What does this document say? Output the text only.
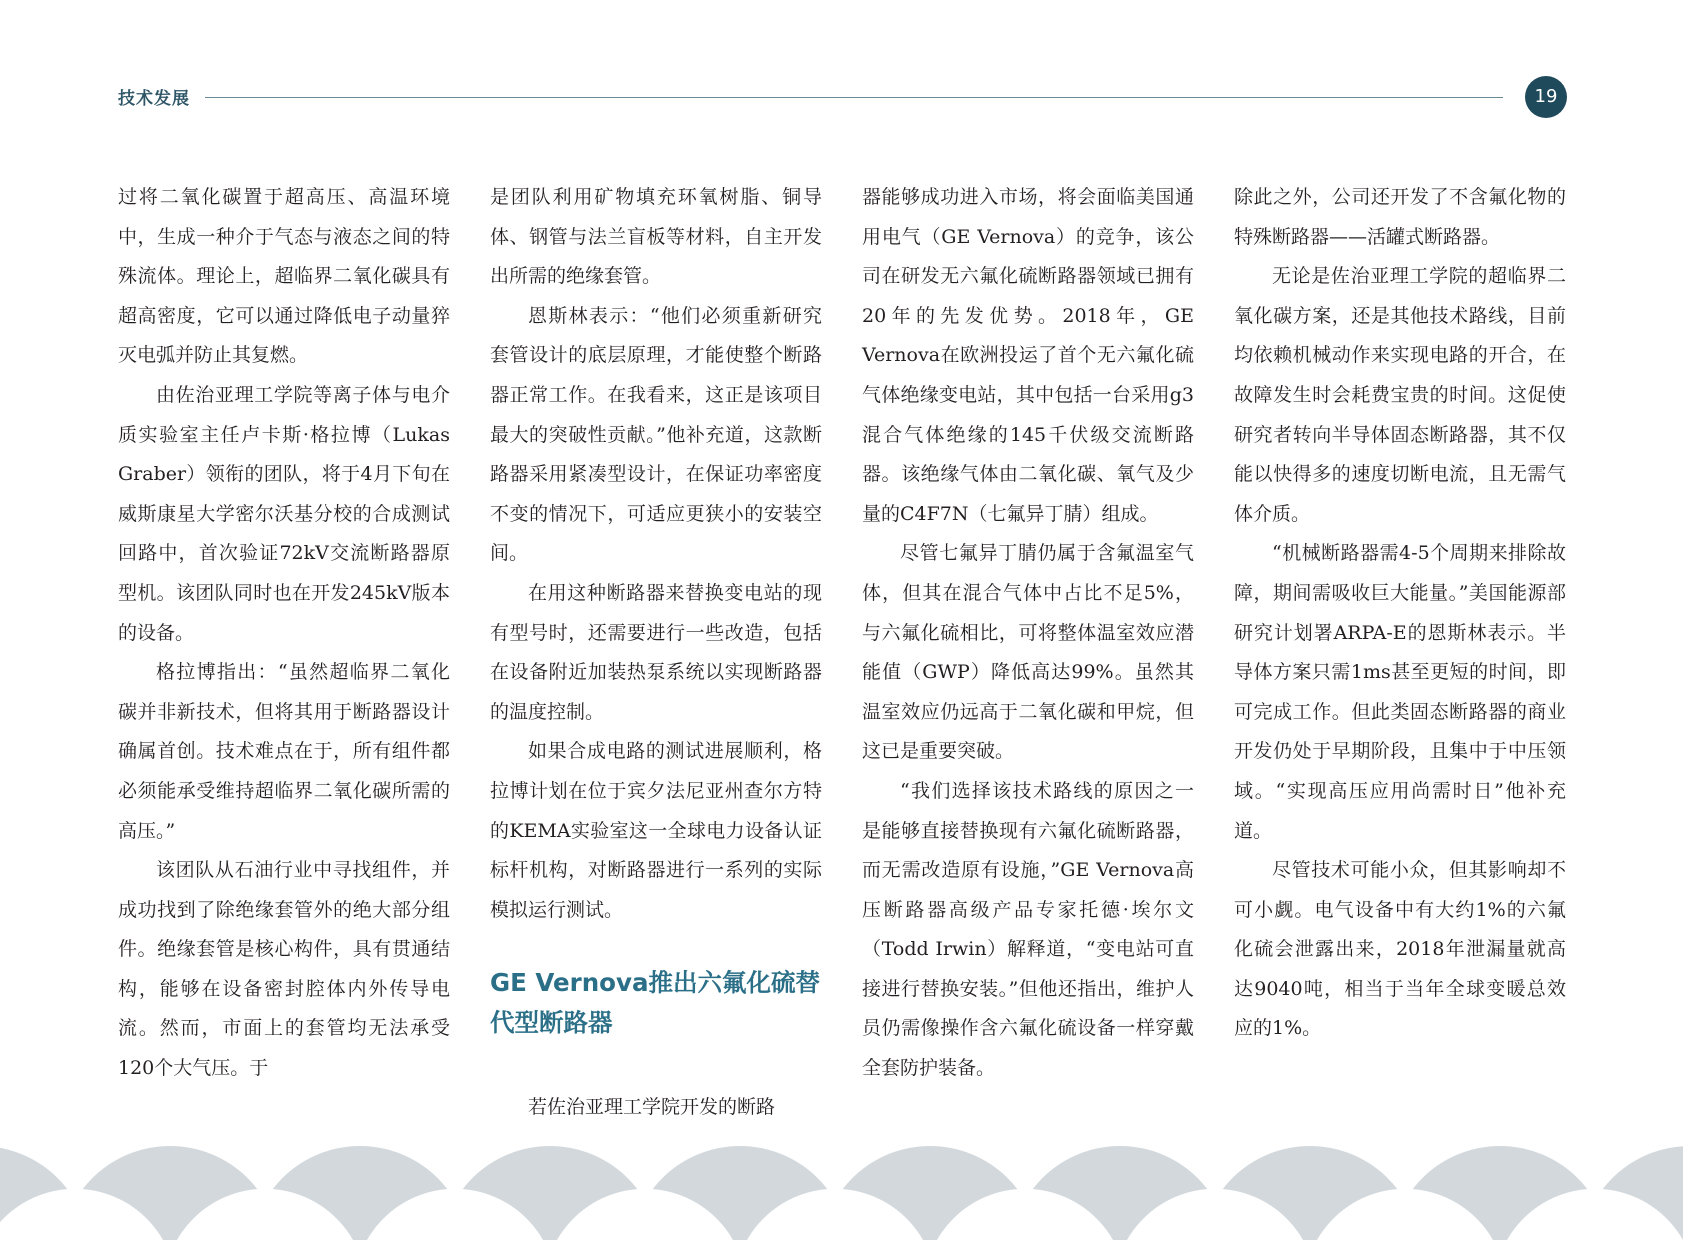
技术发展	19

过将二氧化碳置于超高压、高温环境中，生成一种介于气态与液态之间的特殊流体。理论上，超临界二氧化碳具有超高密度，它可以通过降低电子动量猝灭电弧并防止其复燃。

由佐治亚理工学院等离子体与电介质实验室主任卢卡斯·格拉博（Lukas Graber）领衔的团队，将于4月下旬在威斯康星大学密尔沃基分校的合成测试回路中，首次验证72kV交流断路器原型机。该团队同时也在开发245kV版本的设备。

格拉博指出：“虽然超临界二氧化碳并非新技术，但将其用于断路器设计确属首创。技术难点在于，所有组件都必须能承受维持超临界二氧化碳所需的高压。”

该团队从石油行业中寻找组件，并成功找到了除绝缘套管外的绝大部分组件。绝缘套管是核心构件，具有贯通结构，能够在设备密封腔体内外传导电流。然而，市面上的套管均无法承受120个大气压。于

是团队利用矿物填充环氧树脂、铜导体、钢管与法兰盲板等材料，自主开发出所需的绝缘套管。

恩斯林表示：“他们必须重新研究套管设计的底层原理，才能使整个断路器正常工作。在我看来，这正是该项目最大的突破性贡献。”他补充道，这款断路器采用紧凑型设计，在保证功率密度不变的情况下，可适应更狭小的安装空间。

在用这种断路器来替换变电站的现有型号时，还需要进行一些改造，包括在设备附近加装热泵系统以实现断路器的温度控制。

如果合成电路的测试进展顺利，格拉博计划在位于宾夕法尼亚州查尔方特的KEMA实验室这一全球电力设备认证标杆机构，对断路器进行一系列的实际模拟运行测试。

GE Vernova推出六氟化硫替代型断路器

若佐治亚理工学院开发的断路

器能够成功进入市场，将会面临美国通用电气（GE Vernova）的竞争，该公司在研发无六氟化硫断路器领域已拥有20年的先发优势。2018年，GE Vernova在欧洲投运了首个无六氟化硫气体绝缘变电站，其中包括一台采用g3混合气体绝缘的145千伏级交流断路器。该绝缘气体由二氧化碳、氧气及少量的C4F7N（七氟异丁腈）组成。

尽管七氟异丁腈仍属于含氟温室气体，但其在混合气体中占比不足5%，与六氟化硫相比，可将整体温室效应潜能值（GWP）降低高达99%。虽然其温室效应仍远高于二氧化碳和甲烷，但这已是重要突破。

“我们选择该技术路线的原因之一是能够直接替换现有六氟化硫断路器，而无需改造原有设施，”GE Vernova高压断路器高级产品专家托德·埃尔文（Todd Irwin）解释道，“变电站可直接进行替换安装。”但他还指出，维护人员仍需像操作含六氟化硫设备一样穿戴全套防护装备。

除此之外，公司还开发了不含氟化物的特殊断路器——活罐式断路器。

无论是佐治亚理工学院的超临界二氧化碳方案，还是其他技术路线，目前均依赖机械动作来实现电路的开合，在故障发生时会耗费宝贵的时间。这促使研究者转向半导体固态断路器，其不仅能以快得多的速度切断电流，且无需气体介质。

“机械断路器需4-5个周期来排除故障，期间需吸收巨大能量。”美国能源部研究计划署ARPA-E的恩斯林表示。半导体方案只需1ms甚至更短的时间，即可完成工作。但此类固态断路器的商业开发仍处于早期阶段，且集中于中压领域。“实现高压应用尚需时日”他补充道。

尽管技术可能小众，但其影响却不可小觑。电气设备中有大约1%的六氟化硫会泄露出来，2018年泄漏量就高达9040吨，相当于当年全球变暖总效应的1%。
